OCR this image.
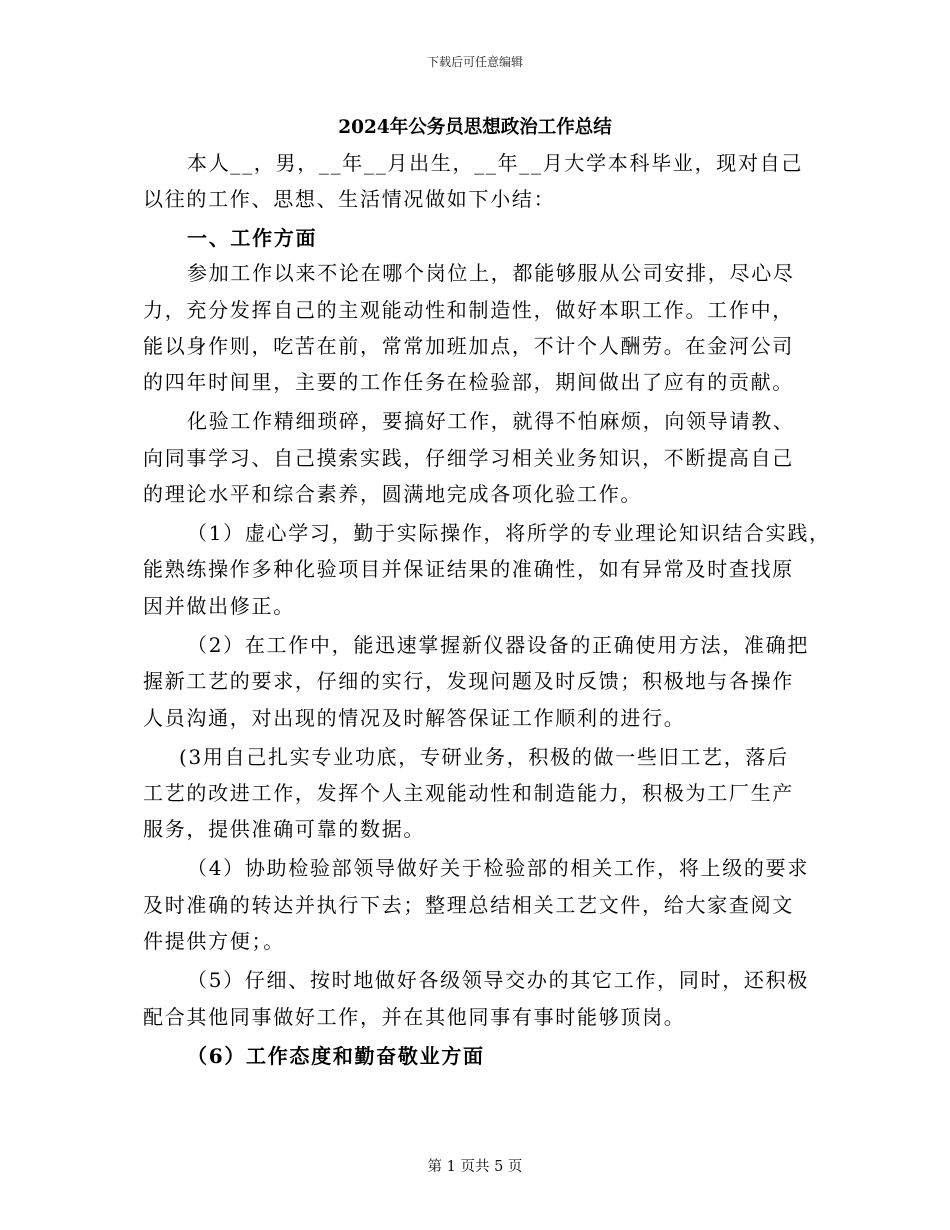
下载后可任意编辑
2024年公务员思想政治工作总结

本人__，男，__年__月出生，__年__月大学本科毕业，现对自己
以往的工作、思想、生活情况做如下小结：

一、工作方面

参加工作以来不论在哪个岗位上，都能够服从公司安排，尽心尽
力，充分发挥自己的主观能动性和制造性，做好本职工作。工作中，
能以身作则，吃苦在前，常常加班加点，不计个人酬劳。在金河公司
的四年时间里，主要的工作任务在检验部，期间做出了应有的贡献。

化验工作精细琐碎，要搞好工作，就得不怕麻烦，向领导请教、
向同事学习、自己摸索实践，仔细学习相关业务知识，不断提高自己
的理论水平和综合素养，圆满地完成各项化验工作。

（1）虚心学习，勤于实际操作，将所学的专业理论知识结合实践，
能熟练操作多种化验项目并保证结果的准确性，如有异常及时查找原
因并做出修正。

（2）在工作中，能迅速掌握新仪器设备的正确使用方法，准确把
握新工艺的要求，仔细的实行，发现问题及时反馈；积极地与各操作
人员沟通，对出现的情况及时解答保证工作顺利的进行。

(3用自己扎实专业功底，专研业务，积极的做一些旧工艺，落后
工艺的改进工作，发挥个人主观能动性和制造能力，积极为工厂生产
服务，提供准确可靠的数据。

（4）协助检验部领导做好关于检验部的相关工作，将上级的要求
及时准确的转达并执行下去；整理总结相关工艺文件，给大家查阅文
件提供方便；。

（5）仔细、按时地做好各级领导交办的其它工作，同时，还积极
配合其他同事做好工作，并在其他同事有事时能够顶岗。

（6）工作态度和勤奋敬业方面

第 1 页共 5 页
